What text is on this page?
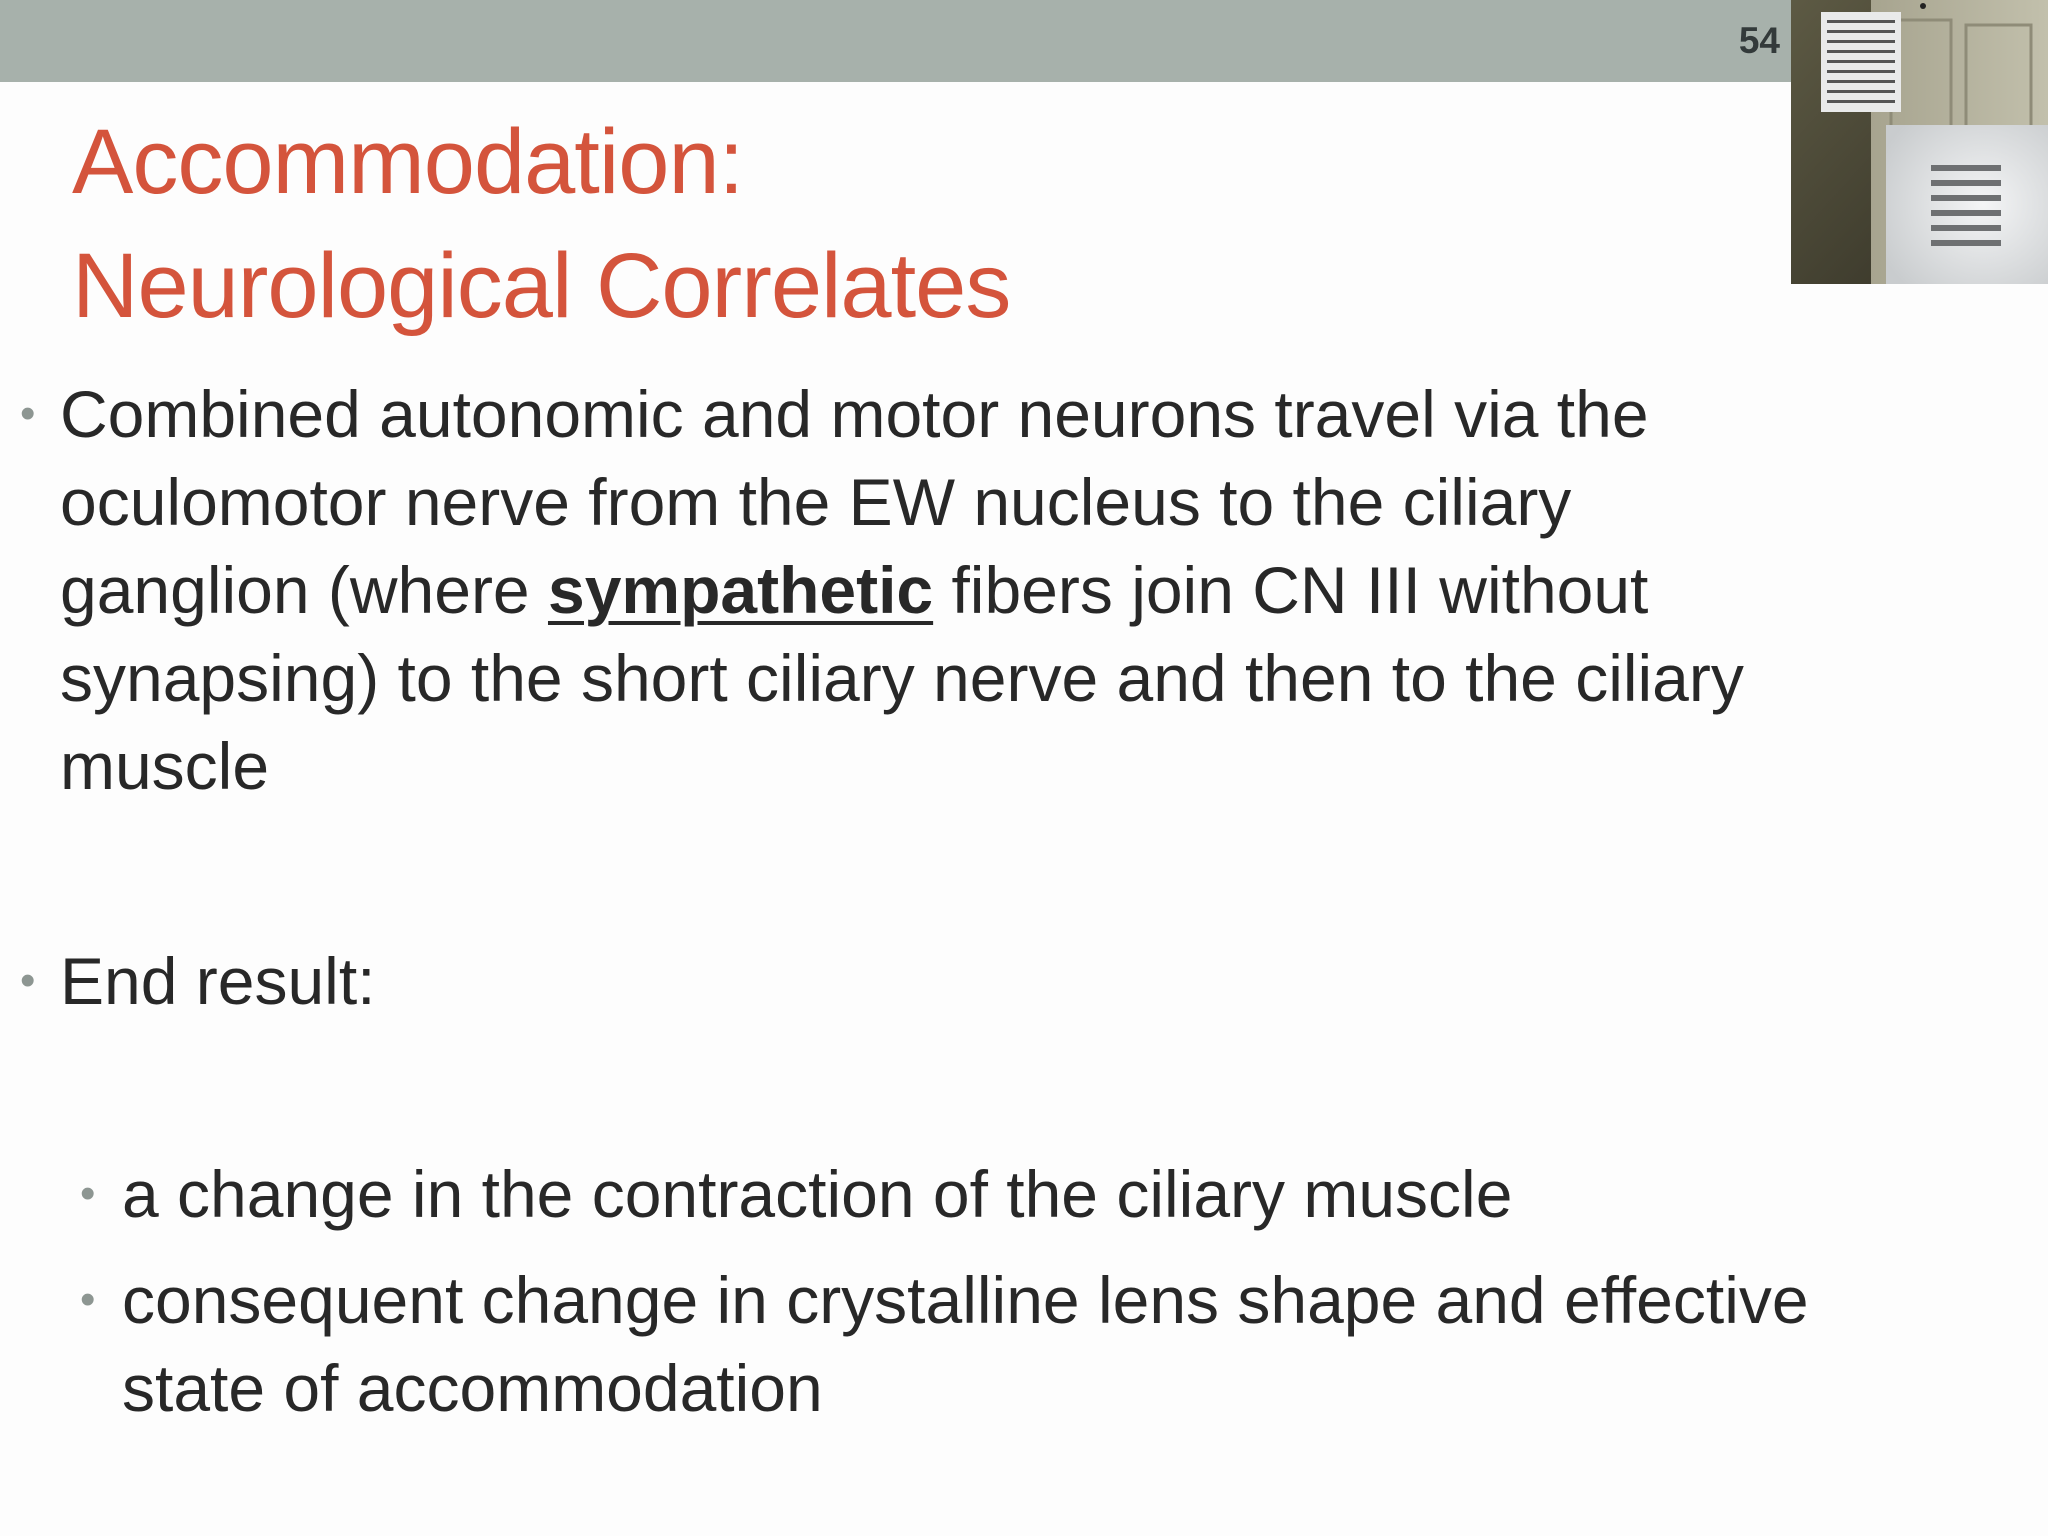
54
Accommodation:
Neurological Correlates
• Combined autonomic and motor neurons travel via the
oculomotor nerve from the EW nucleus to the ciliary
ganglion (where sympathetic fibers join CN III without
synapsing) to the short ciliary nerve and then to the ciliary
muscle
• End result:
• a change in the contraction of the ciliary muscle
• consequent change in crystalline lens shape and effective
state of accommodation
